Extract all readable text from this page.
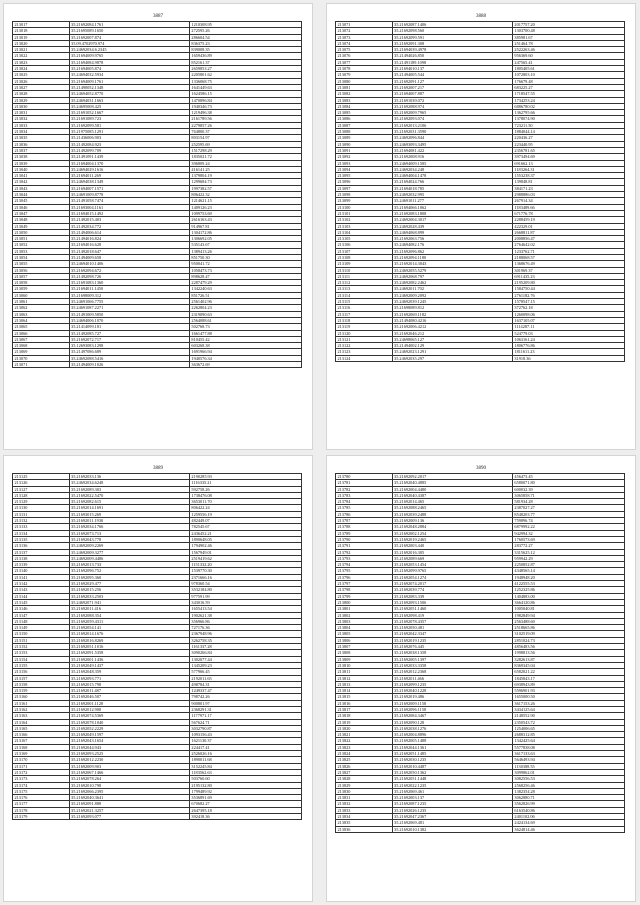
3887
213017	35.21692084.1761	1210308.95
213018	35.21695089.1650	272595.26
213019	35.21692007.874	286604.54
213020	35.09.4702970.974	836375.23
213021	35.24692034.6.2345	839008.35
213022	35.21694009.9765	1659436.89
213023	35.21694084.9878	852161.37
213024	35.21694005.874	2659853.27
213025	35.24694032.5934	2205801.62
213026	35.21694009.1761	1336068.75
213027	35.21490052.1348	1641449.63
213028	35.24694052.8770	1624586.15
213029	35.24694031.1663	1470896.84
213030	35.24695008.425	1940346.73
213031	35.21691052.1667	1219496.38
213032	35.21691089.723	2161789.56
213033	35.21692099.581	2279857.26
213034	35.21975085.1291	764800.37
213035	35.21436006.903	803154.97
213036	35.21492084.923	252595.69
213037	35.21492099.709	1517298.29
213038	35.21491091.1439	1835021.72
213039	35.21694004.1370	396809.24
213040	35.24694029.1616	416141.25
213041	35.21694011.269	1379804.19
213042	35.24694038.1349	1299684.73
213043	35.21694007.1571	1997382.57
213044	35.24691009.8778	806422.32
213045	35.21491058.7474	1214621.15
213046	35.21693004.1161	1409126.23
213047	35.21694015.1492	1099753.69
213048	35.21492015.403	2616163.43
213049	35.21492034.772	914967.81
213050	35.21494006.614	1304172.86
213051	35.21494016.824	1306692.05
213052	35.21694016.628	535143.67
213053	35.21492018.647	1389413.26
213054	35.21494009.658	851750.30
213055	35.24694010.1406	950041.72
213056	35.21692094.672	1058473.73
213057	35.21492098.726	898628.47
213058	35.21691083.1360	2287479.29
213059	35.21694011.1450	1342240.63
213060	35.21698009.312	851726.51
213061	35.24691066.7755	2561402.96
213062	35.24691087.2271	2262804.23
213063	35.21491009.5850	2319090.63
213064	35.24694006.1070	2564088.61
213065	35.21414099.181	502768.73
213066	35.21492085.727	1661477.88
213067	35.21692072.717	810455.42
213068	35.12693083.1298	603268.38
213069	35.21497086.689	1691966.94
213070	35.24692088.5416	1940576.34
213071	35.21494009.1026	363672.69
3888
213071	35.21692087.1406	2017757.20
213072	35.21692098.560	1303700.48
213073	35.21692099.591	385981.67
213074	35.21692091.308	251464.78
213075	35.21694039.4978	2522263.46
213076	35.21494026.850	956369.60
213077	35.21491189.1098	247565.41
213078	35.21694010.137	1805405.61
213079	35.21494005.544	1072803.10
213080	35.21692091.127	176679.48
213081	35.21692007.217	683225.27
213082	35.21694007.887	1718547.55
213083	35.21691039.072	1734253.24
213084	35.21692088.974	6886780.02
213085	35.21692009.7965	1362795.66
213086	35.21692093.074	1378074.90
213087	35.21692013.2106	723211.50
213088	35.21692031.3590	1884044.14
213089	35.24692096.844	220436.27
213090	35.24693093.3495	223440.95
213091	35.21694081.422	2356781.65
213092	35.21692008.916	3973494.69
213093	35.24694009.1585	691662.13
213094	35.24692034.248	1183264.31
213095	35.24694004.1478	1553238.37
213096	35.21694024.766	139848.81
213097	35.21694018.785	384171.23
213098	35.24692032.995	2988886.03
213099	35.24691011.277	267914.34
213100	35.21694066.1062	1183489.66
213101	35.21692083.1808	671776.78
213102	35.24692004.3017	2288459.19
213103	35.24692028.439	422329.01
213104	35.24694068.899	2668811.87
213105	35.21692063.756	2008856.47
213106	35.24694082.176	2764642.02
213107	35.21692096.862	1233762.71
213108	35.21692094.1180	2188068.57
213109	35.21692014.3043	1368676.49
213110	35.24692055.5279	301969.37
213111	35.24692068.797	6911435.23
213112	35.24692082.2462	2195209.80
213113	35.24692011.702	1584750.44
213114	35.24692009.2092	2761182.76
213115	35.24692039.1245	1578547.15
213116	35.21698089.812	372762.18
213117	35.21692069.1182	1260098.06
213118	35.21494080.4216	1637105.07
213119	35.21692006.4212	1114287.11
213120	35.21692046.212	524779.03
213121	35.24698065.127	1063161.24
213122	35.21494002.129	1806776.86
213123	35.24692023.1291	1811611.23
213124	35.24692035.297	31918.36
3889
213125	35.21692033.136	2190285.93
213126	35.24692034.6248	1116335.21
213127	35.21692089.303	592758.26
213128	35.21692022.5470	1738476.08
213129	35.21692082.615	3653011.70
213130	35.21692014.1691	806422.24
213131	35.21693015.269	1259556.19
213132	35.21692011.1930	482449.07
213133	35.21692034.1766	782545.67
213134	35.21692073.713	2436452.21
213135	35.21692043.778	1890648.05
213136	35.24692009.2269	1794902.46
213137	35.24692009.3277	1567949.01
213138	35.24692009.4486	2519419.62
213139	35.21692013.733	1151332.20
213140	35.21692096.752	1539770.30
213141	35.21692095.360	2371666.16
213142	35.21692029.477	978360.54
213143	35.21692015.256	3532184.80
213144	35.21692033.2503	977591.99
213145	35.24692071.941	343016.59
213146	35.21692011.416	1655413.54
213147	35.21692088.354	1902621.38
213148	35.21692059.4311	356966.86
213149	35.21692054.141	727176.36
213150	35.21692014.1676	2367948.96
213151	35.21692016.8269	3262758.35
213152	35.21692051.1016	1161337.28
213153	35.21692091.5358	3090266.84
213154	35.21692001.1436	1302077.44
213155	35.21692049.1437	1345209.23
213156	35.21692048.359	577966.45
213157	35.21692093.771	2192011.65
213158	35.21692015.798	498784.31
213159	35.21692011.487	1249337.47
213160	35.21692046.507	798742.26
213161	35.21692001.1128	900801.97
213162	35.21692012.908	2368291.31
213163	35.21692074.5369	1177971.17
213164	35.21692078.1040	567624.71
213165	35.21692052.2229	3032790.87
213166	35.21692049.1597	1093156.43
213167	35.21692043.1654	1621130.37
213168	35.21692044.943	224417.41
213169	35.21692093.2525	2526026.16
213170	35.21692012.2230	1890011.68
213171	35.21692009.903	3152245.84
213172	35.21692067.1466	1183562.63
213173	35.21692078.264	503760.60
213174	35.21692010.798	2195132.80
213175	35.21692066.2395	1799489.92
213176	35.21692040.3641	3536891.69
213177	35.21692091.888	670682.27
213178	35.21692021.3257	2647395.18
213179	35.21692093.077	392418.36
3890
213780	35.21692092.2017	456473.45
213781	35.21692040.4885	6580071.80
213782	35.21692004.4480	600032.39
213783	35.21692040.4387	3065858.71
213784	35.21692014.465	581934.28
213785	35.21692088.2465	2387027.27
213786	35.21692039.2488	8548203.77
213787	35.21692009.136	759896.74
213788	35.21692048.2884	6879992.22
213789	35.21692002.1254	942994.32
213790	35.21692019.2465	1760573.69
213791	35.21692003.440	283772.27
213792	35.21692016.305	3315625.12
213793	35.21692089.669	959942.29
213794	35.21692053.1454	2250852.87
213795	35.21692099.9765	4348565.14
213796	35.21692054.1274	1948948.20
213797	35.21692074.2017	4122555.53
213798	35.21692039.774	1252325.86
213799	35.21692083.339	1404883.00
213800	35.21692093.1506	3664120.86
213801	35.21692051.1460	1005040.81
213802	35.21692098.419	1982849.94
213803	35.21692078.4357	2563488.60
213804	35.21692050.481	2518665.86
213805	35.21692042.3347	3102519.09
213806	35.21692019.1235	2851024.73
213807	35.21692076.445	4856483.56
213808	35.21692038.1358	1998813.56
213809	35.21692005.1397	3282613.87
213810	35.21692033.3358	8369345.04
213811	35.21692012.2368	6582021.22
213812	35.21692011.466	1845843.17
213813	35.21692099.1235	6938943.89
213814	35.21692040.1228	5596901.93
213815	35.21692019.486	1655000.50
213816	35.21692009.1158	3617153.26
213817	35.21692096.1158	3434125.64
213818	35.21692084.3467	2148552.90
213819	35.21692090.128	2350543.72
213820	35.21692038.1276	1254006.65
213821	35.21692004.8896	2688312.85
213822	35.21692005.1488	1342425.64
213823	35.21692044.1361	5577838.08
213824	35.21692051.1485	3617133.63
213825	35.21692030.1235	5646493.94
213826	35.21692010.4487	1130388.55
213827	35.21692050.1362	3099862.01
213828	35.21692051.1448	3082556.53
213829	35.21692022.1235	2568256.46
213830	35.21692069.461	1382354.28
213831	35.21692003.137	3062880.71
213832	35.21692087.1235	3562826.99
213833	35.21692026.1235	6163540.86
213834	35.21692047.2367	2401102.06
213835	35.21692069.481	2424134.69
213836	35.21692010.1382	3624814.46
